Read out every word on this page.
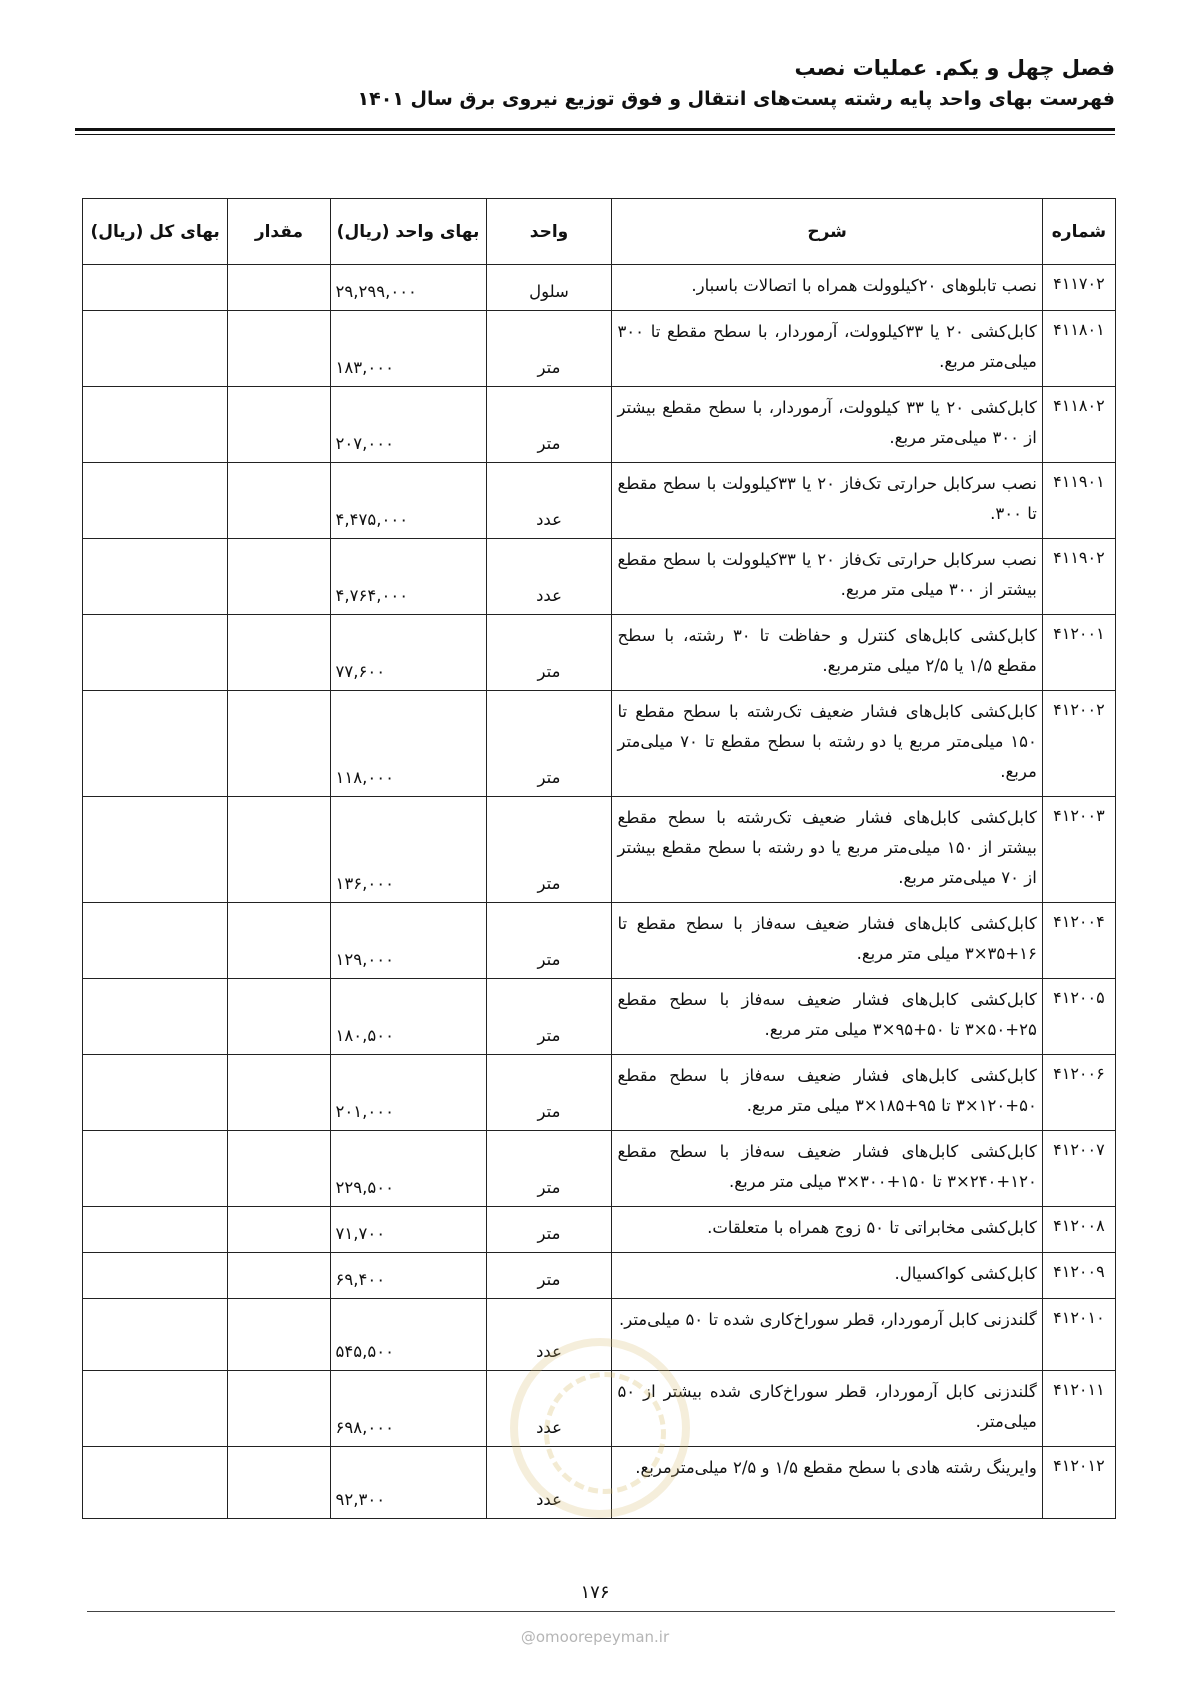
فصل چهل و یکم. عملیات نصب
فهرست بهای واحد پایه رشته پست‌های انتقال و فوق توزیع نیروی برق سال ۱۴۰۱
شماره	شرح	واحد	بهای واحد (ریال)	مقدار	بهای کل (ریال)
۴۱۱۷۰۲	نصب تابلوهای ۲۰کیلوولت همراه با اتصالات باسبار.	سلول	۲۹,۲۹۹,۰۰۰		
۴۱۱۸۰۱	کابل‌کشی ۲۰ یا ۳۳کیلوولت، آرموردار، با سطح مقطع تا ۳۰۰ میلی‌متر مربع.	متر	۱۸۳,۰۰۰		
۴۱۱۸۰۲	کابل‌کشی ۲۰ یا ۳۳ کیلوولت، آرموردار، با سطح مقطع بیشتر از ۳۰۰ میلی‌متر مربع.	متر	۲۰۷,۰۰۰		
۴۱۱۹۰۱	نصب سرکابل حرارتی تک‌فاز ۲۰ یا ۳۳کیلوولت با سطح مقطع تا ۳۰۰.	عدد	۴,۴۷۵,۰۰۰		
۴۱۱۹۰۲	نصب سرکابل حرارتی تک‌فاز ۲۰ یا ۳۳کیلوولت با سطح مقطع بیشتر از ۳۰۰ میلی متر مربع.	عدد	۴,۷۶۴,۰۰۰		
۴۱۲۰۰۱	کابل‌کشی کابل‌های کنترل و حفاظت تا ۳۰ رشته، با سطح مقطع ۱/۵ یا ۲/۵ میلی مترمربع.	متر	۷۷,۶۰۰		
۴۱۲۰۰۲	کابل‌کشی کابل‌های فشار ضعیف تک‌رشته با سطح مقطع تا ۱۵۰ میلی‌متر مربع یا دو رشته با سطح مقطع تا ۷۰ میلی‌متر مربع.	متر	۱۱۸,۰۰۰		
۴۱۲۰۰۳	کابل‌کشی کابل‌های فشار ضعیف تک‌رشته با سطح مقطع بیشتر از ۱۵۰ میلی‌متر مربع یا دو رشته با سطح مقطع بیشتر از ۷۰ میلی‌متر مربع.	متر	۱۳۶,۰۰۰		
۴۱۲۰۰۴	کابل‌کشی کابل‌های فشار ضعیف سه‌فاز با سطح مقطع تا ۱۶+۳۵×۳ میلی متر مربع.	متر	۱۲۹,۰۰۰		
۴۱۲۰۰۵	کابل‌کشی کابل‌های فشار ضعیف سه‌فاز با سطح مقطع ۲۵+۵۰×۳ تا ۵۰+۹۵×۳ میلی متر مربع.	متر	۱۸۰,۵۰۰		
۴۱۲۰۰۶	کابل‌کشی کابل‌های فشار ضعیف سه‌فاز با سطح مقطع ۵۰+۱۲۰×۳ تا ۹۵+۱۸۵×۳ میلی متر مربع.	متر	۲۰۱,۰۰۰		
۴۱۲۰۰۷	کابل‌کشی کابل‌های فشار ضعیف سه‌فاز با سطح مقطع ۱۲۰+۲۴۰×۳ تا ۱۵۰+۳۰۰×۳ میلی متر مربع.	متر	۲۲۹,۵۰۰		
۴۱۲۰۰۸	کابل‌کشی مخابراتی تا ۵۰ زوج همراه با متعلقات.	متر	۷۱,۷۰۰		
۴۱۲۰۰۹	کابل‌کشی کواکسیال.	متر	۶۹,۴۰۰		
۴۱۲۰۱۰	گلندزنی کابل آرموردار، قطر سوراخ‌کاری شده تا ۵۰ میلی‌متر.	عدد	۵۴۵,۵۰۰		
۴۱۲۰۱۱	گلندزنی کابل آرموردار، قطر سوراخ‌کاری شده بیشتر از ۵۰ میلی‌متر.	عدد	۶۹۸,۰۰۰		
۴۱۲۰۱۲	وایرینگ رشته هادی با سطح مقطع ۱/۵ و ۲/۵ میلی‌مترمربع.	عدد	۹۲,۳۰۰		
۱۷۶
@omoorepeyman.ir
